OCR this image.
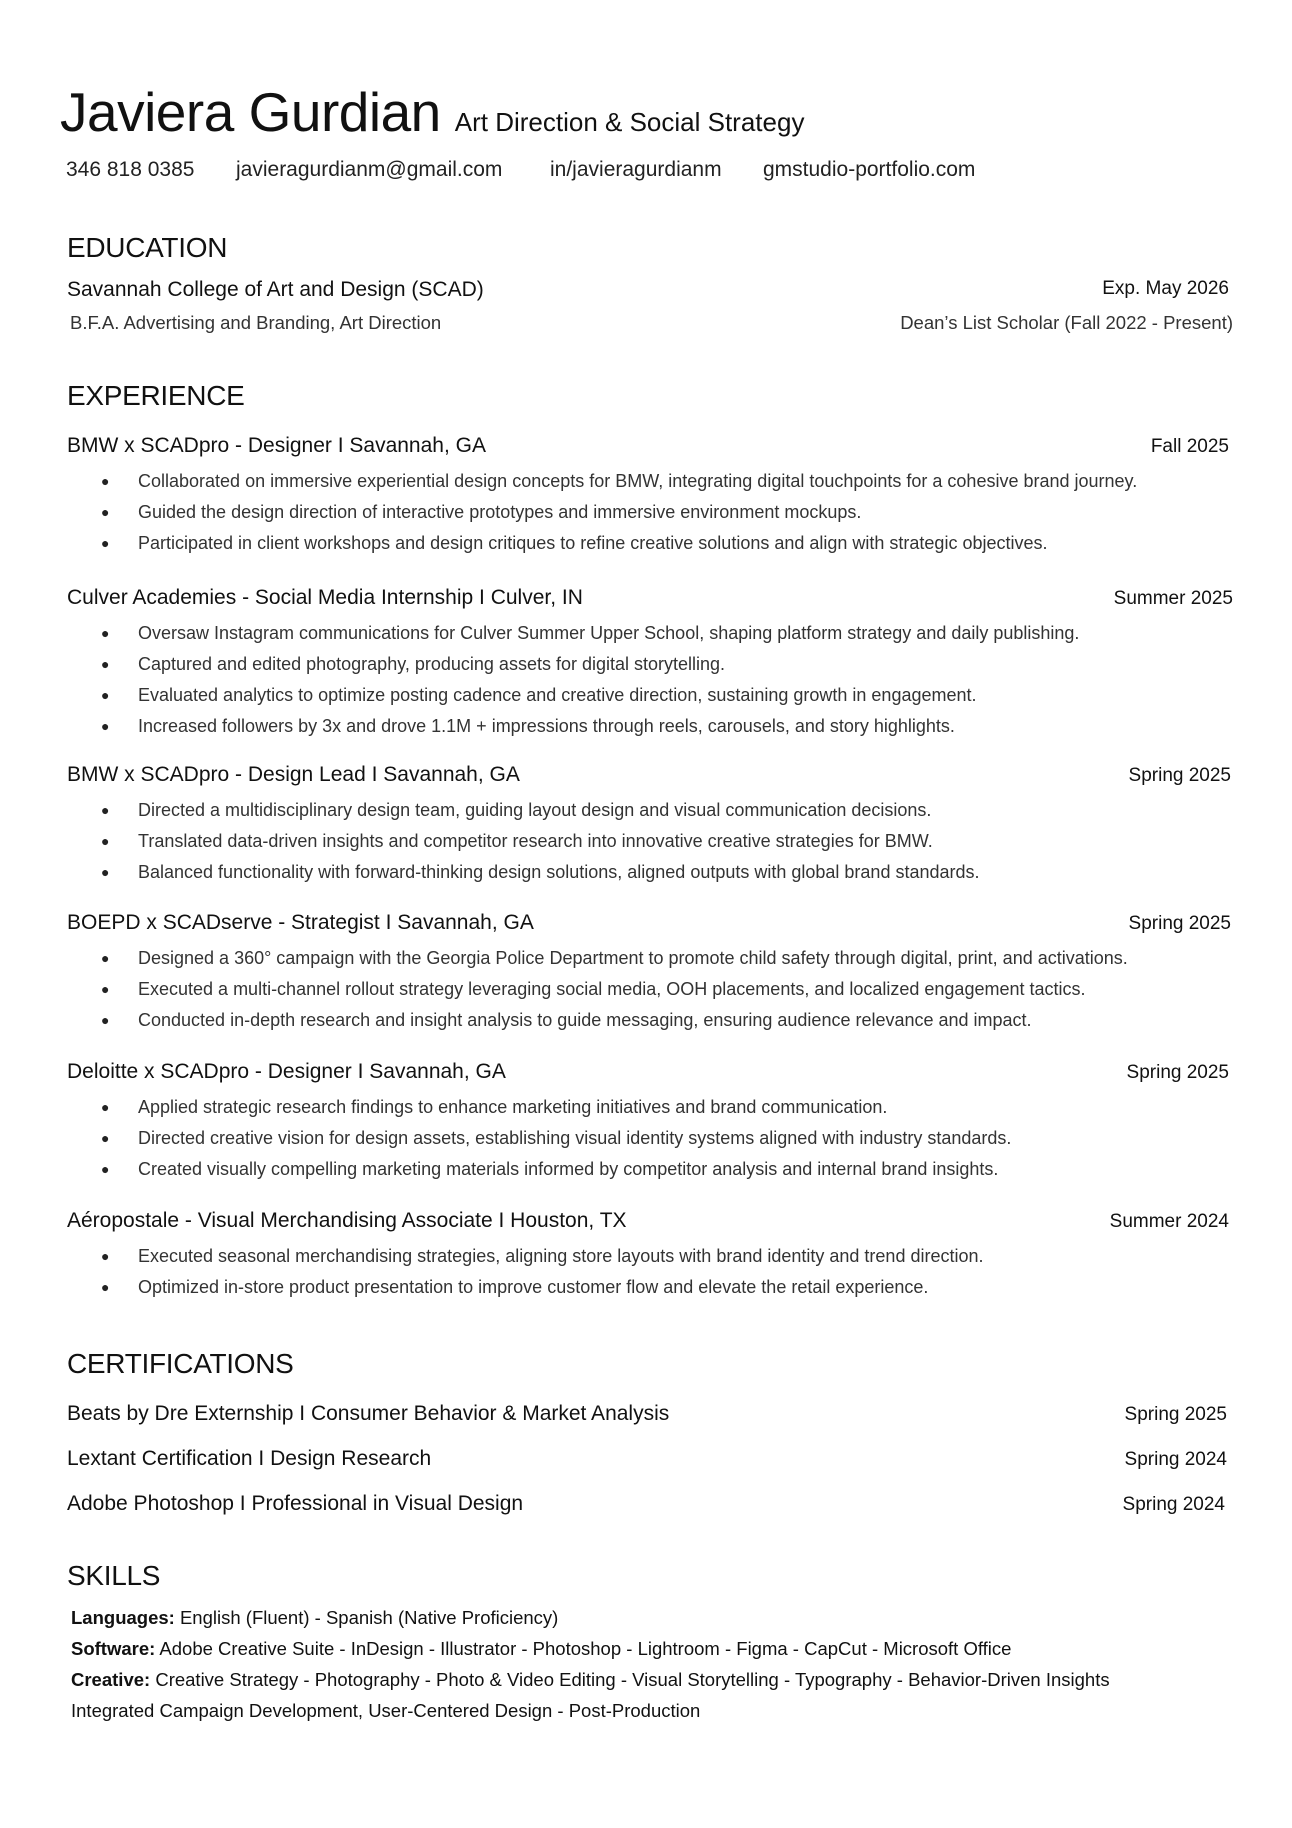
Javiera Gurdian Art Direction & Social Strategy
346 818 0385 javieragurdianm@gmail.com in/javieragurdianm gmstudio-portfolio.com
EDUCATION
Savannah College of Art and Design (SCAD)	Exp. May 2026
B.F.A. Advertising and Branding, Art Direction	Dean’s List Scholar (Fall 2022 - Present)
EXPERIENCE
BMW x SCADpro - Designer I Savannah, GA	Fall 2025
● Collaborated on immersive experiential design concepts for BMW, integrating digital touchpoints for a cohesive brand journey.
● Guided the design direction of interactive prototypes and immersive environment mockups.
● Participated in client workshops and design critiques to refine creative solutions and align with strategic objectives.
Culver Academies - Social Media Internship I Culver, IN	Summer 2025
● Oversaw Instagram communications for Culver Summer Upper School, shaping platform strategy and daily publishing.
● Captured and edited photography, producing assets for digital storytelling.
● Evaluated analytics to optimize posting cadence and creative direction, sustaining growth in engagement.
● Increased followers by 3x and drove 1.1M + impressions through reels, carousels, and story highlights.
BMW x SCADpro - Design Lead I Savannah, GA	Spring 2025
● Directed a multidisciplinary design team, guiding layout design and visual communication decisions.
● Translated data-driven insights and competitor research into innovative creative strategies for BMW.
● Balanced functionality with forward-thinking design solutions, aligned outputs with global brand standards.
BOEPD x SCADserve - Strategist I Savannah, GA	Spring 2025
● Designed a 360° campaign with the Georgia Police Department to promote child safety through digital, print, and activations.
● Executed a multi-channel rollout strategy leveraging social media, OOH placements, and localized engagement tactics.
● Conducted in-depth research and insight analysis to guide messaging, ensuring audience relevance and impact.
Deloitte x SCADpro - Designer I Savannah, GA	Spring 2025
● Applied strategic research findings to enhance marketing initiatives and brand communication.
● Directed creative vision for design assets, establishing visual identity systems aligned with industry standards.
● Created visually compelling marketing materials informed by competitor analysis and internal brand insights.
Aéropostale - Visual Merchandising Associate I Houston, TX	Summer 2024
● Executed seasonal merchandising strategies, aligning store layouts with brand identity and trend direction.
● Optimized in-store product presentation to improve customer flow and elevate the retail experience.
CERTIFICATIONS
Beats by Dre Externship I Consumer Behavior & Market Analysis	Spring 2025
Lextant Certification I Design Research	Spring 2024
Adobe Photoshop I Professional in Visual Design	Spring 2024
SKILLS
Languages: English (Fluent) - Spanish (Native Proficiency)
Software: Adobe Creative Suite - InDesign - Illustrator - Photoshop - Lightroom - Figma - CapCut - Microsoft Office
Creative: Creative Strategy - Photography - Photo & Video Editing - Visual Storytelling - Typography - Behavior-Driven Insights
Integrated Campaign Development, User-Centered Design - Post-Production
